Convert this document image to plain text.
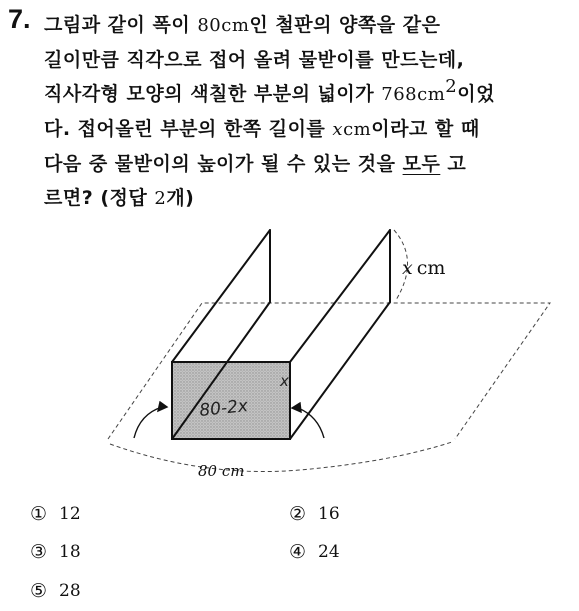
7. 그림과 같이 폭이 80cm인 철판의 양쪽을 같은
길이만큼 직각으로 접어 올려 물받이를 만드는데,
직사각형 모양의 색칠한 부분의 넓이가 $768cm^2$이었
다. 접어올린 부분의 한쪽 길이를 xcm이라고 할 때
다음 중 물받이의 높이가 될 수 있는 것을 모두 고
르면? (정답 2개)
x cm
80 cm
80-2x
x
① 12	② 16
③ 18	④ 24
⑤ 28
